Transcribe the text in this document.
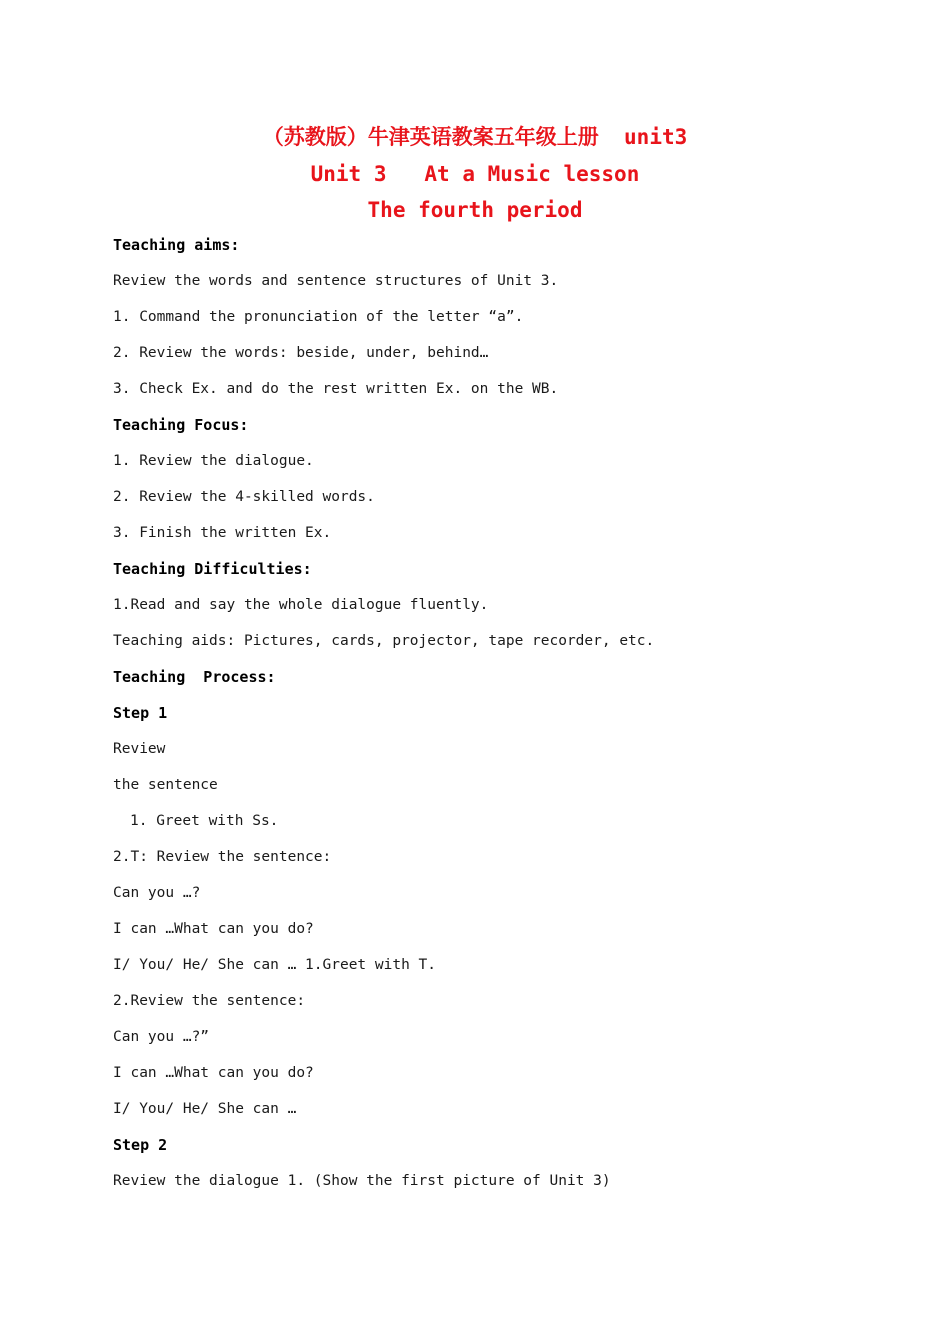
（苏教版）牛津英语教案五年级上册  unit3
Unit 3   At a Music lesson
The fourth period
Teaching aims:
Review the words and sentence structures of Unit 3.
1. Command the pronunciation of the letter “a”.
2. Review the words: beside, under, behind…
3. Check Ex. and do the rest written Ex. on the WB.
Teaching Focus:
1. Review the dialogue.
2. Review the 4-skilled words.
3. Finish the written Ex.
Teaching Difficulties:
1.Read and say the whole dialogue fluently.
Teaching aids: Pictures, cards, projector, tape recorder, etc.
Teaching  Process:
Step 1
Review
the sentence
1. Greet with Ss.
2.T: Review the sentence:
Can you …?
I can …What can you do?
I/ You/ He/ She can … 1.Greet with T.
2.Review the sentence:
Can you …?”
I can …What can you do?
I/ You/ He/ She can …
Step 2
Review the dialogue 1. (Show the first picture of Unit 3)
